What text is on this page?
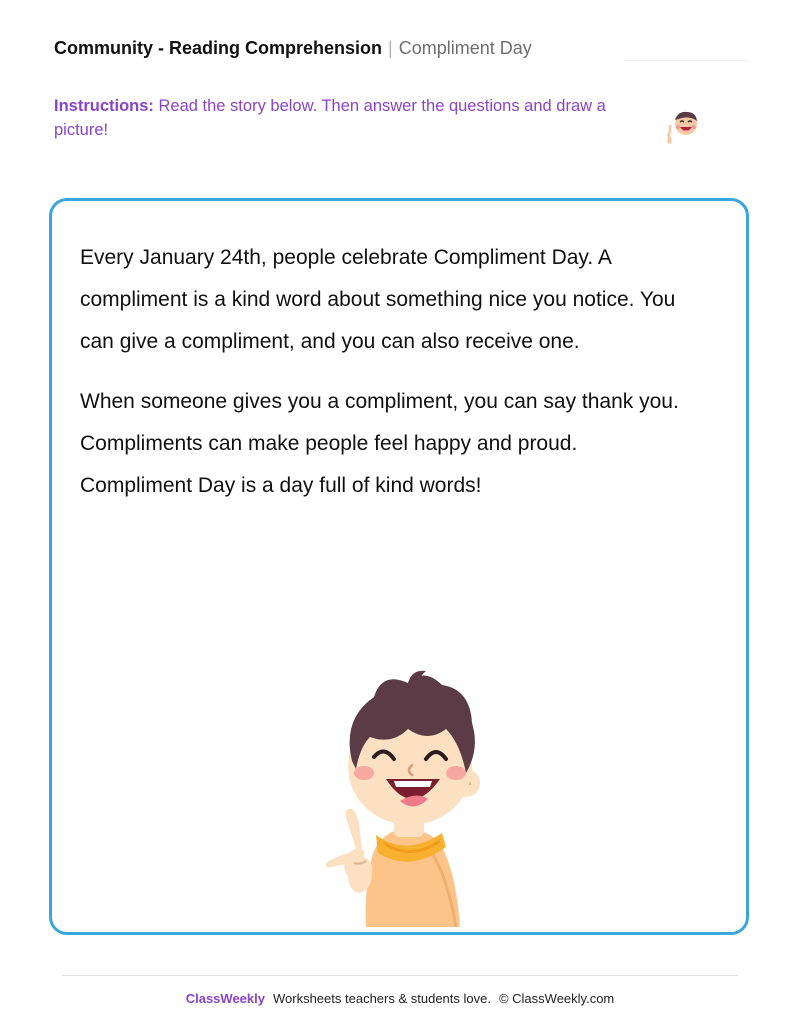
Community - Reading Comprehension | Compliment Day
Instructions: Read the story below. Then answer the questions and draw a picture!

Every January 24th, people celebrate Compliment Day. A compliment is a kind word about something nice you notice. You can give a compliment, and you can also receive one.

When someone gives you a compliment, you can say thank you. Compliments can make people feel happy and proud. Compliment Day is a day full of kind words!

ClassWeekly Worksheets teachers & students love. © ClassWeekly.com
